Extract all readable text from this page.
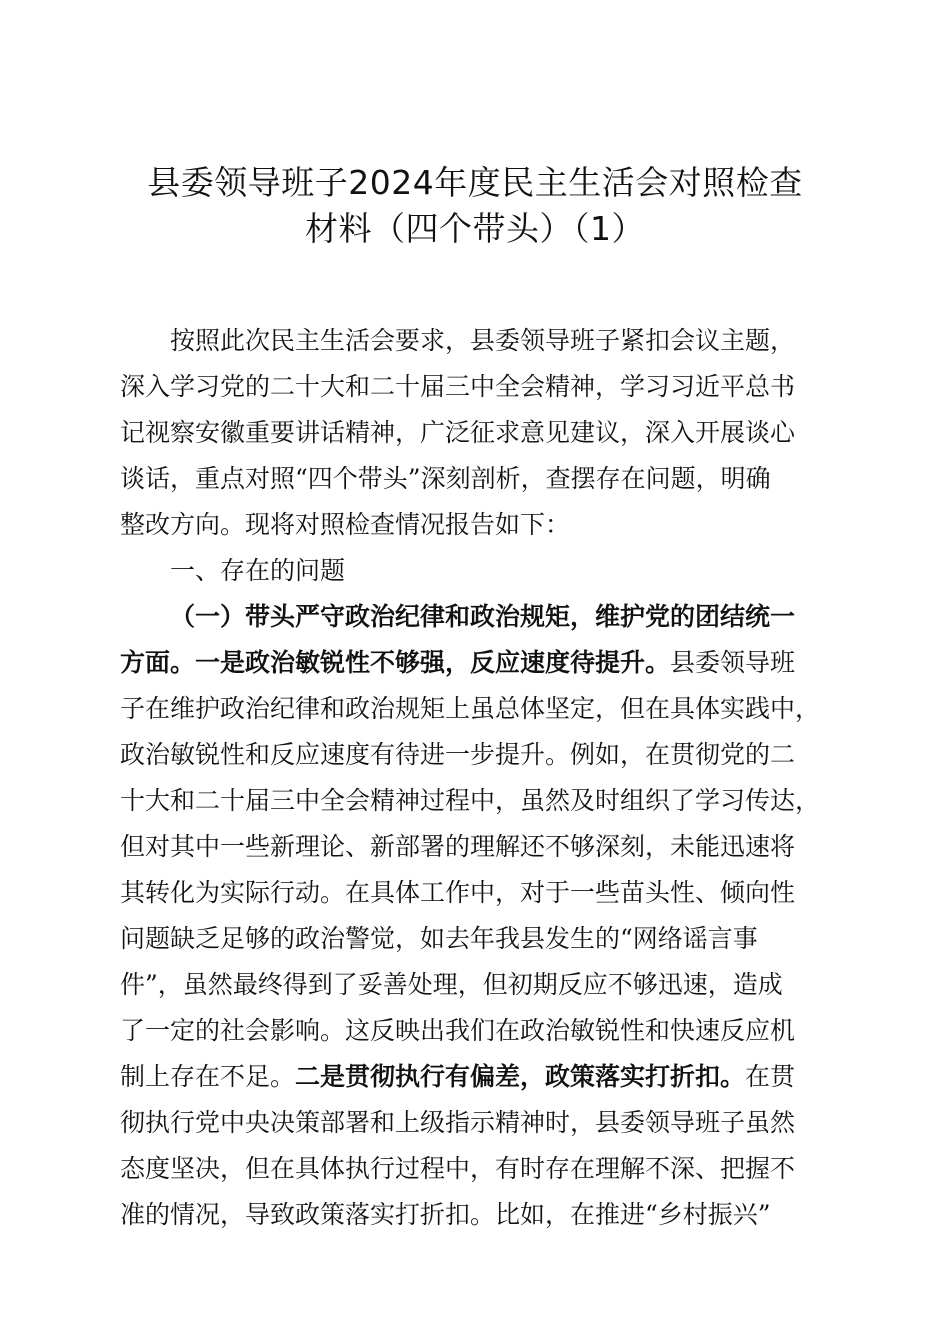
县委领导班子2024年度民主生活会对照检查
材料（四个带头）（1）
按照此次民主生活会要求，县委领导班子紧扣会议主题，
深入学习党的二十大和二十届三中全会精神，学习习近平总书
记视察安徽重要讲话精神，广泛征求意见建议，深入开展谈心
谈话，重点对照“四个带头”深刻剖析，查摆存在问题，明确
整改方向。现将对照检查情况报告如下：
一、存在的问题
（一）带头严守政治纪律和政治规矩，维护党的团结统一
方面。一是政治敏锐性不够强，反应速度待提升。县委领导班
子在维护政治纪律和政治规矩上虽总体坚定，但在具体实践中，
政治敏锐性和反应速度有待进一步提升。例如，在贯彻党的二
十大和二十届三中全会精神过程中，虽然及时组织了学习传达，
但对其中一些新理论、新部署的理解还不够深刻，未能迅速将
其转化为实际行动。在具体工作中，对于一些苗头性、倾向性
问题缺乏足够的政治警觉，如去年我县发生的“网络谣言事
件”，虽然最终得到了妥善处理，但初期反应不够迅速，造成
了一定的社会影响。这反映出我们在政治敏锐性和快速反应机
制上存在不足。二是贯彻执行有偏差，政策落实打折扣。在贯
彻执行党中央决策部署和上级指示精神时，县委领导班子虽然
态度坚决，但在具体执行过程中，有时存在理解不深、把握不
准的情况，导致政策落实打折扣。比如，在推进“乡村振兴”
